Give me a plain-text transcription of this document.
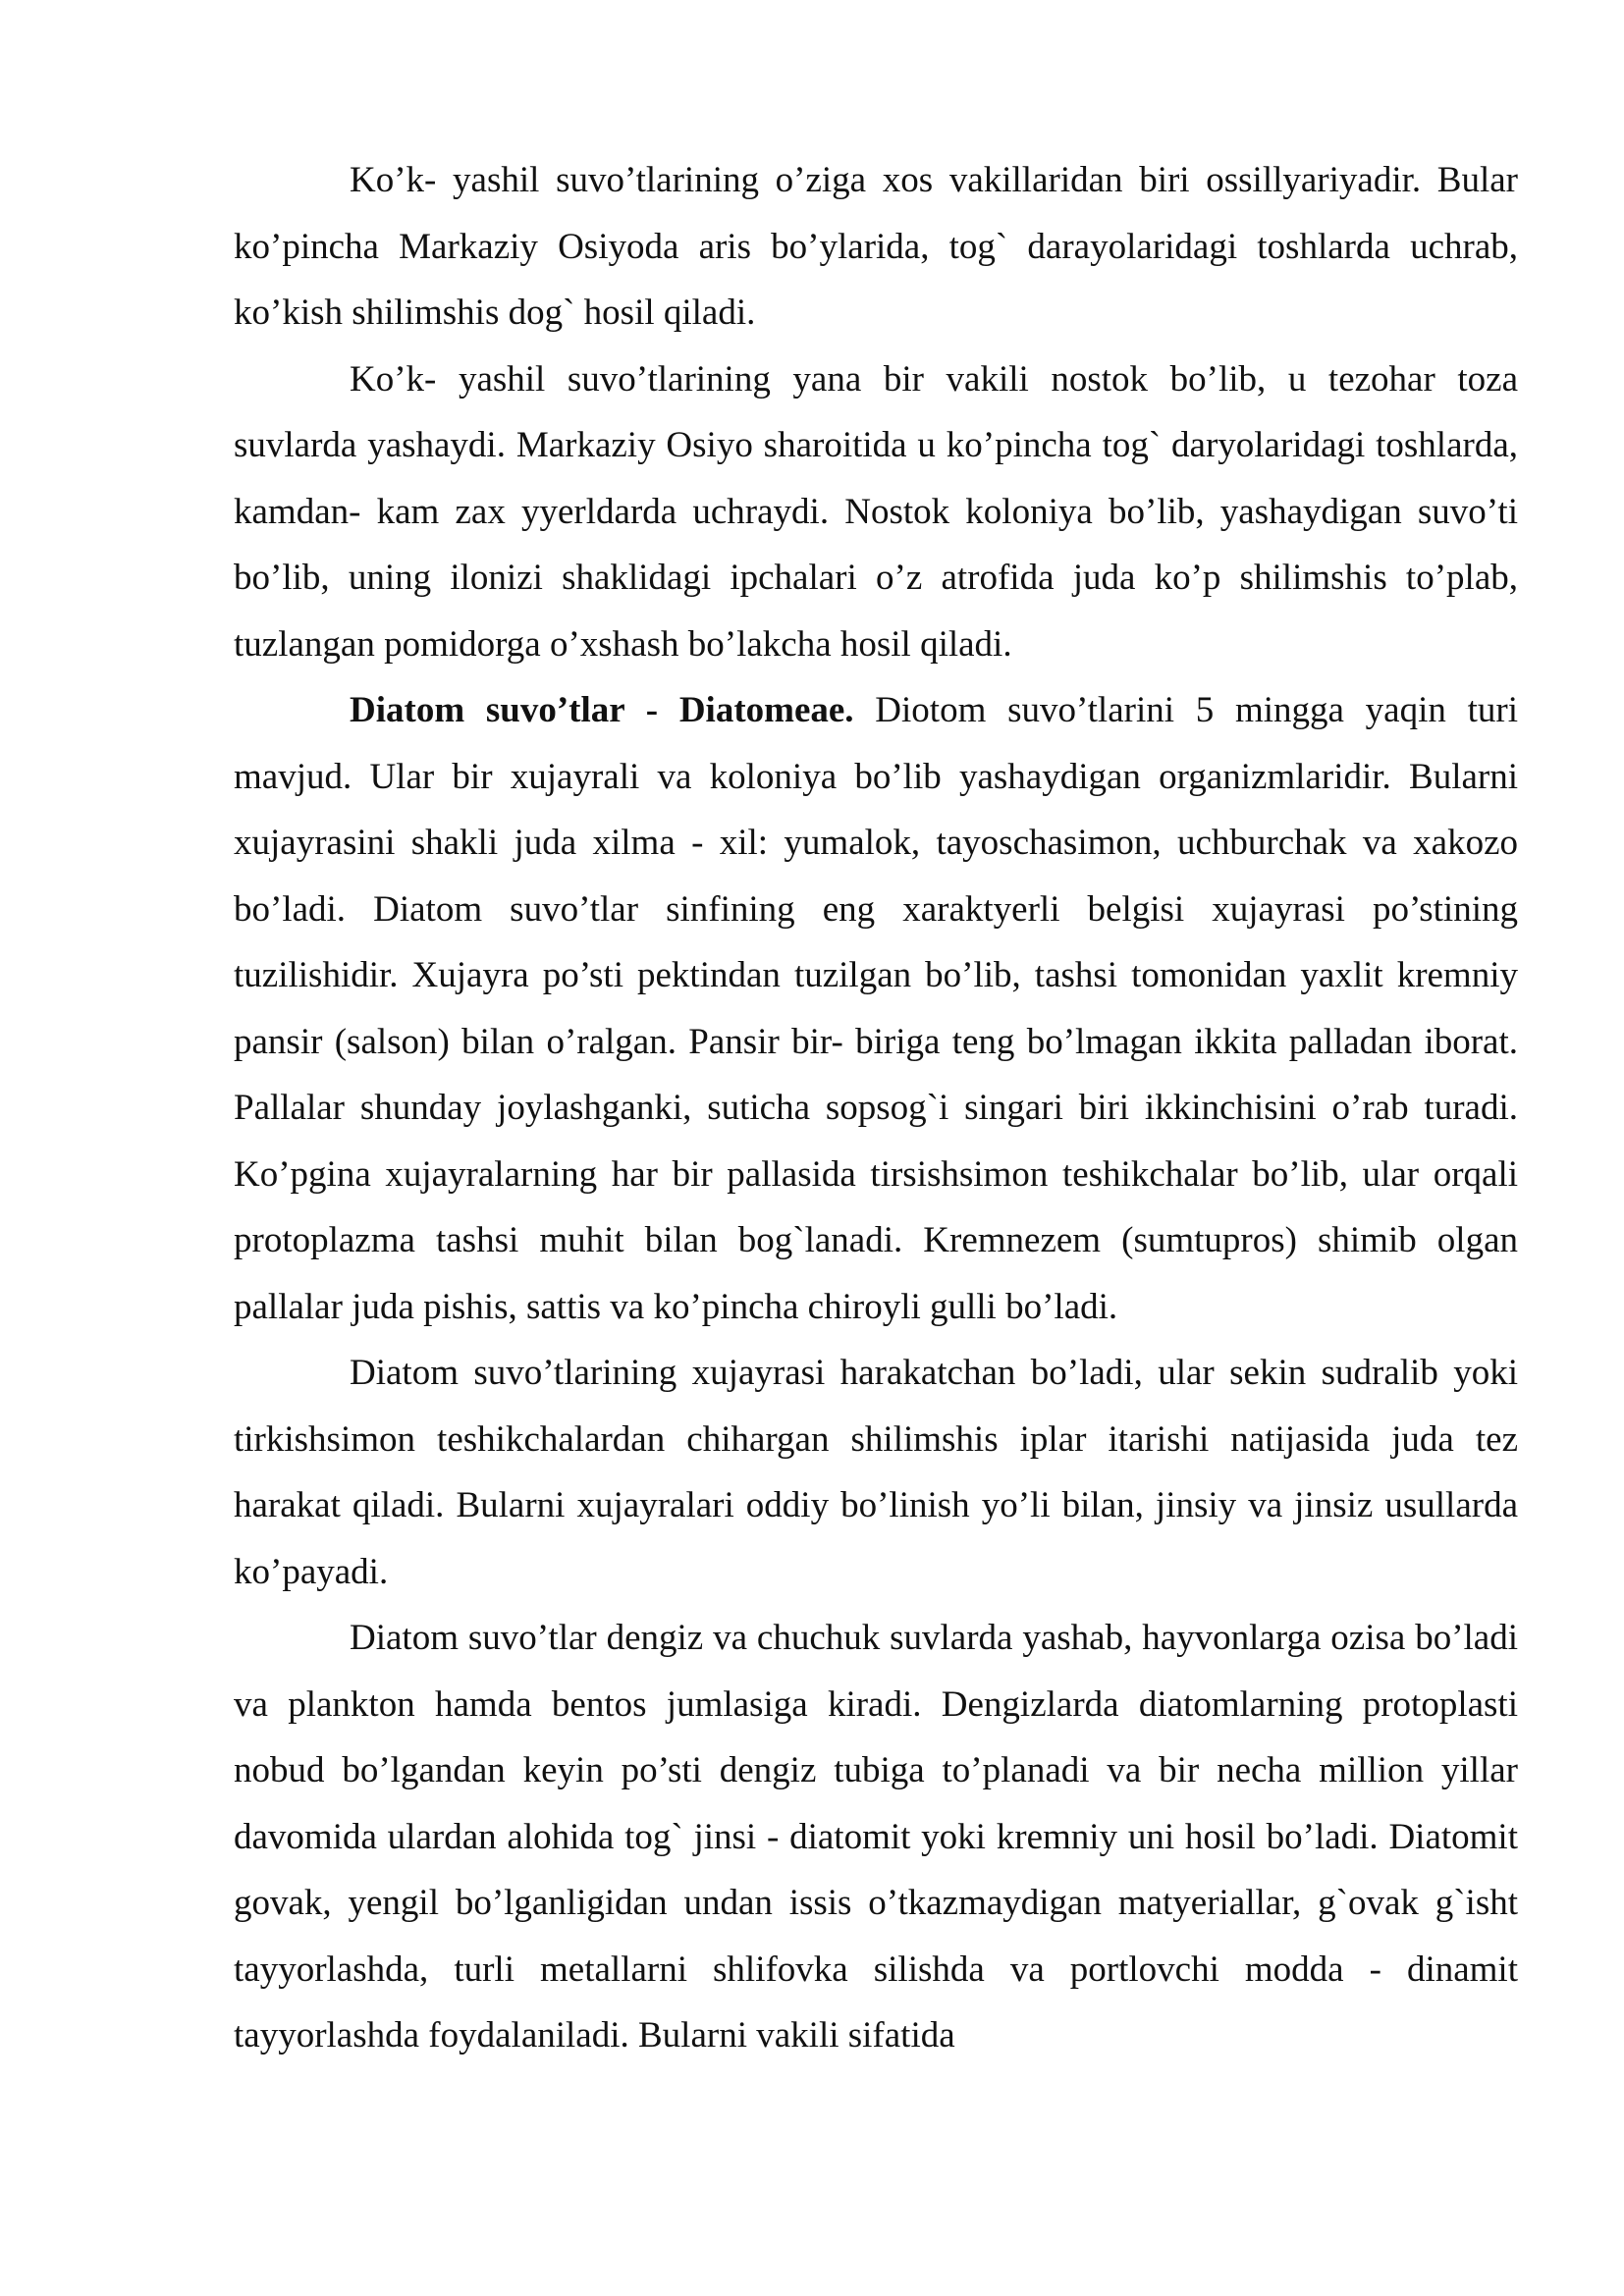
Ko’k- yashil suvo’tlarining o’ziga xos vakillaridan biri ossillyariyadir. Bular ko’pincha Markaziy Osiyoda aris bo’ylarida, tog` darayolaridagi toshlarda uchrab, ko’kish shilimshis dog` hosil qiladi.

Ko’k- yashil suvo’tlarining yana bir vakili nostok bo’lib, u tezohar toza suvlarda yashaydi. Markaziy Osiyo sharoitida u ko’pincha tog` daryolaridagi toshlarda, kamdan- kam zax yyerldarda uchraydi. Nostok koloniya bo’lib, yashaydigan suvo’ti bo’lib, uning ilonizi shaklidagi ipchalari o’z atrofida juda ko’p shilimshis to’plab, tuzlangan pomidorga o’xshash bo’lakcha hosil qiladi.

Diatom suvo’tlar - Diatomeae. Diotom suvo’tlarini 5 mingga yaqin turi mavjud. Ular bir xujayrali va koloniya bo’lib yashaydigan organizmlaridir. Bularni xujayrasini shakli juda xilma - xil: yumalok, tayoschasimon, uchburchak va xakozo bo’ladi. Diatom suvo’tlar sinfining eng xaraktyerli belgisi xujayrasi po’stining tuzilishidir. Xujayra po’sti pektindan tuzilgan bo’lib, tashsi tomonidan yaxlit kremniy pansir (salson) bilan o’ralgan. Pansir bir- biriga teng bo’lmagan ikkita palladan iborat. Pallalar shunday joylashganki, suticha sopsog`i singari biri ikkinchisini o’rab turadi. Ko’pgina xujayralarning har bir pallasida tirsishsimon teshikchalar bo’lib, ular orqali protoplazma tashsi muhit bilan bog`lanadi. Kremnezem (sumtupros) shimib olgan pallalar juda pishis, sattis va ko’pincha chiroyli gulli bo’ladi.

Diatom suvo’tlarining xujayrasi harakatchan bo’ladi, ular sekin sudralib yoki tirkishsimon teshikchalardan chihargan shilimshis iplar itarishi natijasida juda tez harakat qiladi. Bularni xujayralari oddiy bo’linish yo’li bilan, jinsiy va jinsiz usullarda ko’payadi.

Diatom suvo’tlar dengiz va chuchuk suvlarda yashab, hayvonlarga ozisa bo’ladi va plankton hamda bentos jumlasiga kiradi. Dengizlarda diatomlarning protoplasti nobud bo’lgandan keyin po’sti dengiz tubiga to’planadi va bir necha million yillar davomida ulardan alohida tog` jinsi - diatomit yoki kremniy uni hosil bo’ladi. Diatomit govak, yengil bo’lganligidan undan issis o’tkazmaydigan matyeriallar, g`ovak g`isht tayyorlashda, turli metallarni shlifovka silishda va portlovchi modda - dinamit tayyorlashda foydalaniladi. Bularni vakili sifatida
